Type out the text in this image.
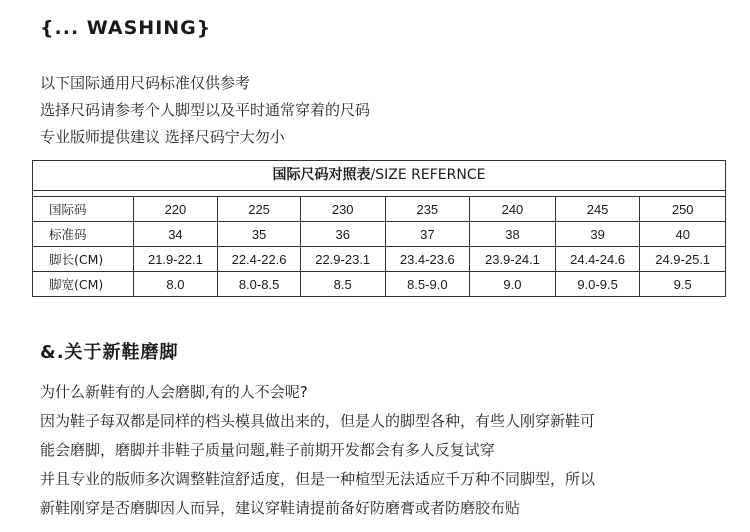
{... WASHING}
以下国际通用尺码标准仅供参考
选择尺码请参考个人脚型以及平时通常穿着的尺码
专业版师提供建议 选择尺码宁大勿小
国际尺码对照表/SIZE REFERNCE
国际码	220	225	230	235	240	245	250
标准码	34	35	36	37	38	39	40
脚长(CM)	21.9-22.1	22.4-22.6	22.9-23.1	23.4-23.6	23.9-24.1	24.4-24.6	24.9-25.1
脚宽(CM)	8.0	8.0-8.5	8.5	8.5-9.0	9.0	9.0-9.5	9.5
&.关于新鞋磨脚
为什么新鞋有的人会磨脚,有的人不会呢?
因为鞋子每双都是同样的档头模具做出来的，但是人的脚型各种，有些人刚穿新鞋可
能会磨脚，磨脚并非鞋子质量问题,鞋子前期开发都会有多人反复试穿
并且专业的版师多次调整鞋渲舒适度，但是一种楦型无法适应千万种不同脚型，所以
新鞋刚穿是否磨脚因人而异，建议穿鞋请提前备好防磨膏或者防磨胶布贴
